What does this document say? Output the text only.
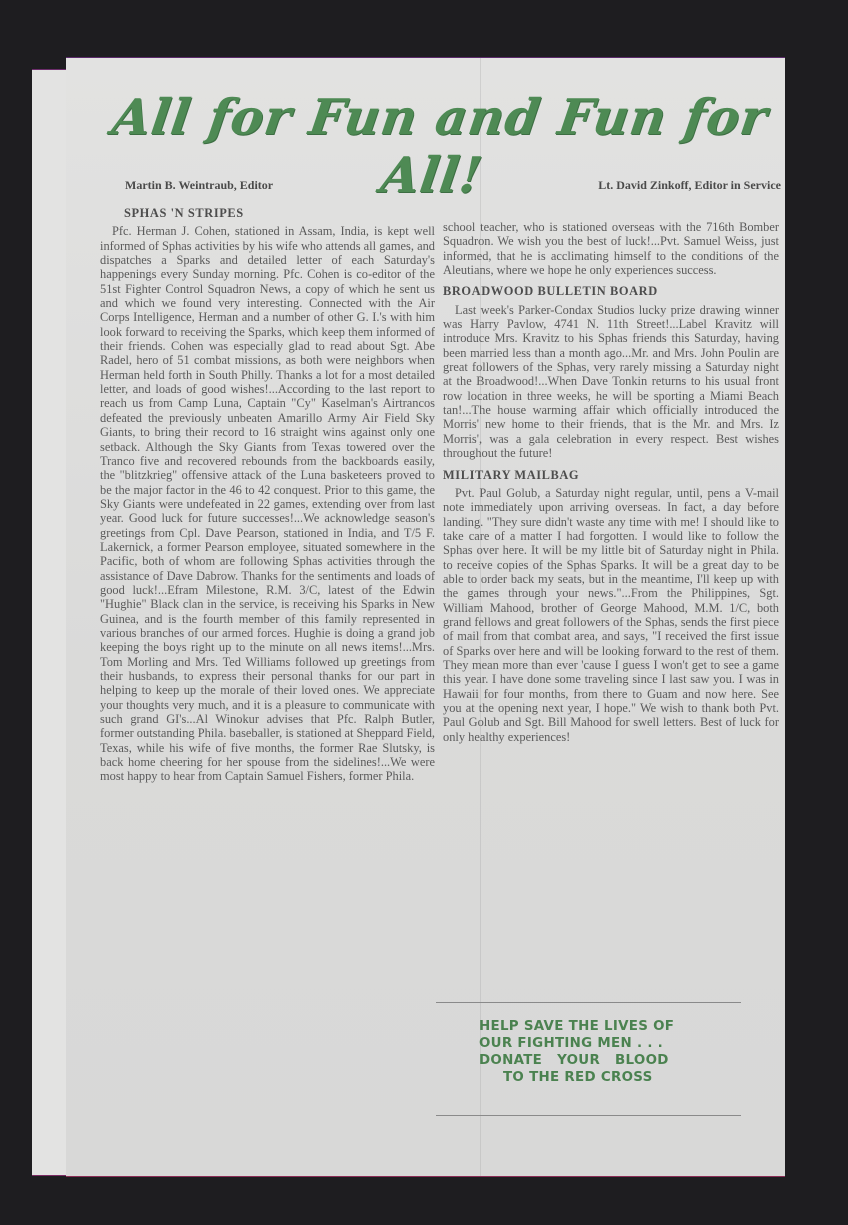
All for Fun and Fun for All!
Martin B. Weintraub, Editor	Lt. David Zinkoff, Editor in Service
SPHAS 'N STRIPES

Pfc. Herman J. Cohen, stationed in Assam, India, is kept well informed of Sphas activities by his wife who attends all games, and dispatches a Sparks and detailed letter of each Saturday's happenings every Sunday morning. Pfc. Cohen is co-editor of the 51st Fighter Control Squadron News, a copy of which he sent us and which we found very interesting. Connected with the Air Corps Intelligence, Herman and a number of other G. I.'s with him look forward to receiving the Sparks, which keep them informed of their friends. Cohen was especially glad to read about Sgt. Abe Radel, hero of 51 combat missions, as both were neighbors when Herman held forth in South Philly. Thanks a lot for a most detailed letter, and loads of good wishes!...According to the last report to reach us from Camp Luna, Captain "Cy" Kaselman's Airtrancos defeated the previously unbeaten Amarillo Army Air Field Sky Giants, to bring their record to 16 straight wins against only one setback. Although the Sky Giants from Texas towered over the Tranco five and recovered rebounds from the backboards easily, the "blitzkrieg" offensive attack of the Luna basketeers proved to be the major factor in the 46 to 42 conquest. Prior to this game, the Sky Giants were undefeated in 22 games, extending over from last year. Good luck for future successes!...We acknowledge season's greetings from Cpl. Dave Pearson, stationed in India, and T/5 F. Lakernick, a former Pearson employee, situated somewhere in the Pacific, both of whom are following Sphas activities through the assistance of Dave Dabrow. Thanks for the sentiments and loads of good luck!...Efram Milestone, R.M. 3/C, latest of the Edwin "Hughie" Black clan in the service, is receiving his Sparks in New Guinea, and is the fourth member of this family represented in various branches of our armed forces. Hughie is doing a grand job keeping the boys right up to the minute on all news items!...Mrs. Tom Morling and Mrs. Ted Williams followed up greetings from their husbands, to express their personal thanks for our part in helping to keep up the morale of their loved ones. We appreciate your thoughts very much, and it is a pleasure to communicate with such grand GI's...Al Winokur advises that Pfc. Ralph Butler, former outstanding Phila. baseballer, is stationed at Sheppard Field, Texas, while his wife of five months, the former Rae Slutsky, is back home cheering for her spouse from the sidelines!...We were most happy to hear from Captain Samuel Fishers, former Phila.

school teacher, who is stationed overseas with the 716th Bomber Squadron. We wish you the best of luck!...Pvt. Samuel Weiss, just informed, that he is acclimating himself to the conditions of the Aleutians, where we hope he only experiences success.

BROADWOOD BULLETIN BOARD

Last week's Parker-Condax Studios lucky prize drawing winner was Harry Pavlow, 4741 N. 11th Street!...Label Kravitz will introduce Mrs. Kravitz to his Sphas friends this Saturday, having been married less than a month ago...Mr. and Mrs. John Poulin are great followers of the Sphas, very rarely missing a Saturday night at the Broadwood!...When Dave Tonkin returns to his usual front row location in three weeks, he will be sporting a Miami Beach tan!...The house warming affair which officially introduced the Morris' new home to their friends, that is the Mr. and Mrs. Iz Morris', was a gala celebration in every respect. Best wishes throughout the future!

MILITARY MAILBAG

Pvt. Paul Golub, a Saturday night regular, until, pens a V-mail note immediately upon arriving overseas. In fact, a day before landing. "They sure didn't waste any time with me! I should like to take care of a matter I had forgotten. I would like to follow the Sphas over here. It will be my little bit of Saturday night in Phila. to receive copies of the Sphas Sparks. It will be a great day to be able to order back my seats, but in the meantime, I'll keep up with the games through your news."...From the Philippines, Sgt. William Mahood, brother of George Mahood, M.M. 1/C, both grand fellows and great followers of the Sphas, sends the first piece of mail from that combat area, and says, "I received the first issue of Sparks over here and will be looking forward to the rest of them. They mean more than ever 'cause I guess I won't get to see a game this year. I have done some traveling since I last saw you. I was in Hawaii for four months, from there to Guam and now here. See you at the opening next year, I hope." We wish to thank both Pvt. Paul Golub and Sgt. Bill Mahood for swell letters. Best of luck for only healthy experiences!

HELP SAVE THE LIVES OF
OUR FIGHTING MEN . . .
DONATE YOUR BLOOD
TO THE RED CROSS
